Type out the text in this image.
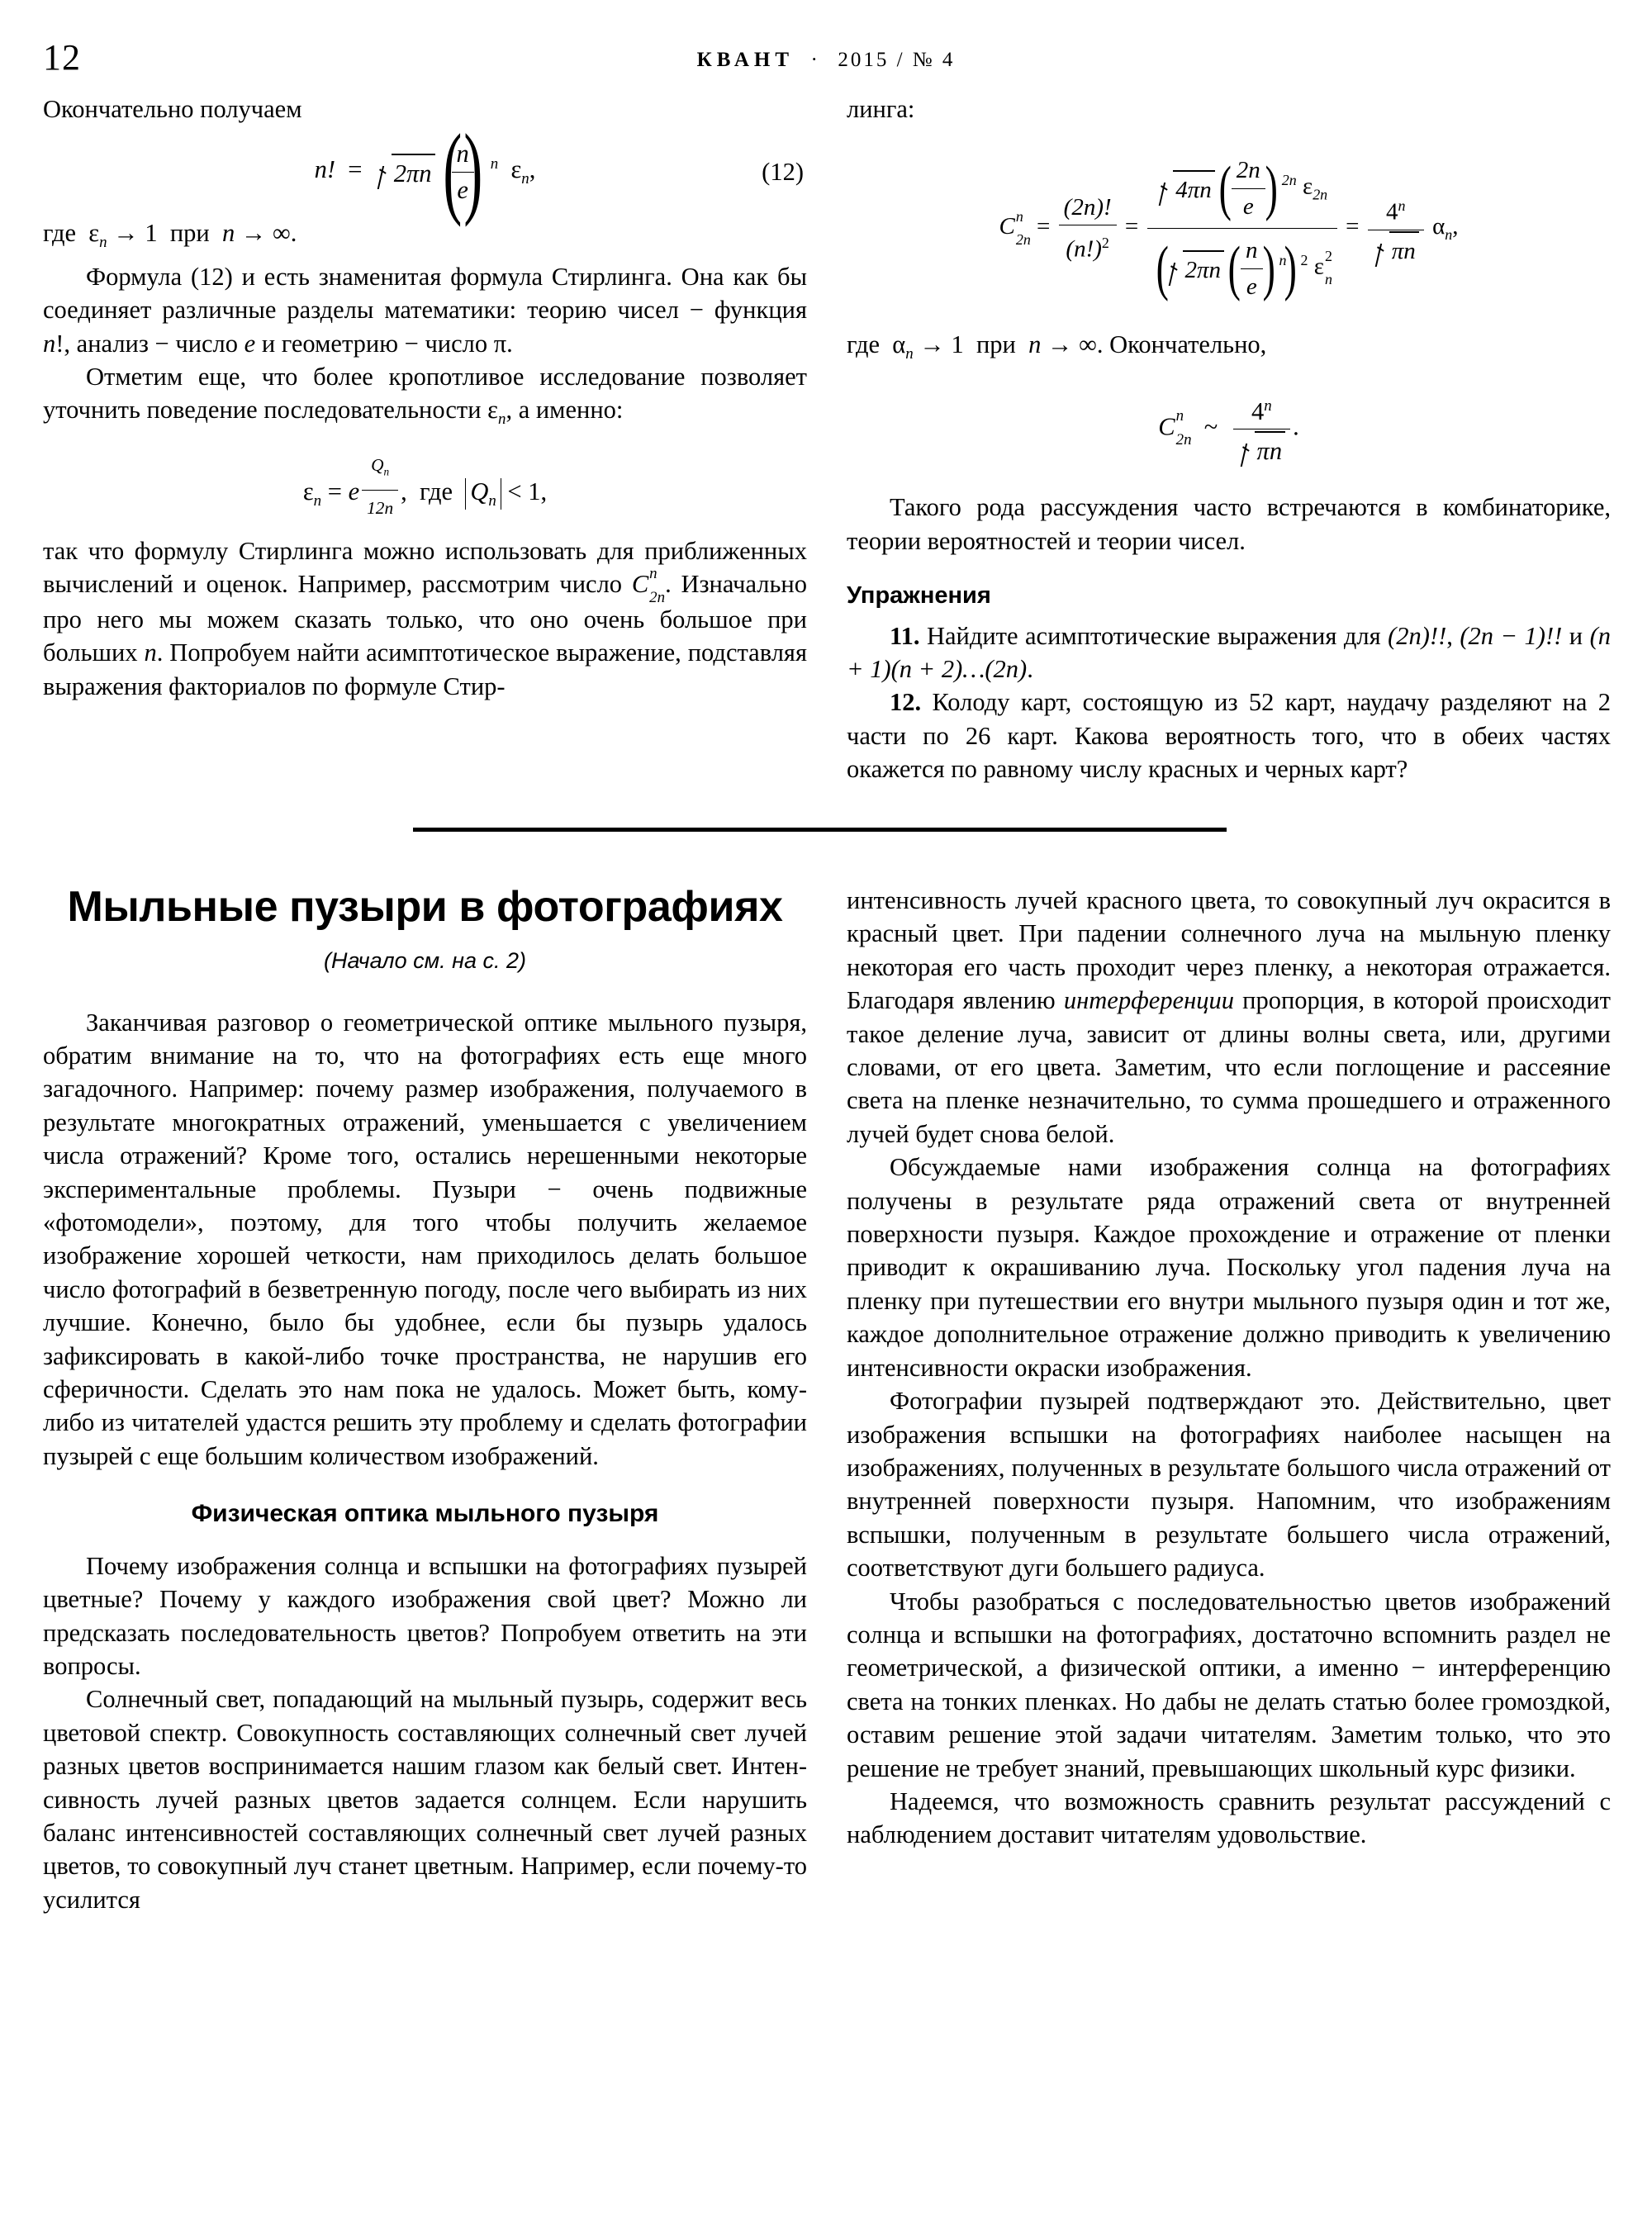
12	КВАНТ · 2015 / № 4

Окончательно получаем

n! = 2πn ( $\frac{n}{e}$
) $^n$ $\varepsilon_n$,	(12)

где $\varepsilon_n \to 1$ при n → ∞.

Формула (12) и есть знаменитая формула Стирлинга. Она как бы соединяет различные разделы математики: теорию чисел − функция n!, анализ − число e и геометрию − число π.

Отметим еще, что более кропотливое исследование позволяет уточнить поведение последовательности $\varepsilon_n$, а именно:

$\varepsilon_n = e$ $^{\frac{Q_n}{12n}}$ , где $Q_n < 1$,

так что формулу Стирлинга можно использовать для приближенных вычислений и оценок. Например, рассмотрим число C n
2n . Изначально про него мы можем сказать только, что оно очень большое при больших n. Попробуем найти асимптотическое выражение, подставляя выражения факториалов по формуле Стир-

линга:

C n
$2n = \frac{(2n)!}{(n!)^2} = 4\pi n$ ( $\frac{2n}{e}$
) $^{2n}$ $\varepsilon_{2n}$
( 2πn ( $\frac{n}{e}$
) $^n$ ) $^2$ ε 2
$n = \frac{4^n}{\pi n} \alpha_n$,

где $\alpha_n \to 1$ при n → ∞. Окончательно,

C n
2n ~ $\frac{4^n}{\pi n}$ .

Такого рода рассуждения часто встречаются в комбинаторике, теории вероятностей и теории чисел.

Упражнения

11. Найдите асимптотические выражения для (2n)!!, (2n − 1)!! и (n + 1)(n + 2)…(2n).

12. Колоду карт, состоящую из 52 карт, наудачу разделяют на 2 части по 26 карт. Какова вероятность того, что в обеих частях окажется по равному числу красных и черных карт?

Мыльные пузыри в фотографиях

(Начало см. на с. 2)

Заканчивая разговор о геометрической оптике мыльного пузыря, обратим внимание на то, что на фотографиях есть еще много загадочного. Например: почему размер изображения, получаемого в результате многократных отражений, уменьшается с увеличением числа отражений? Кроме того, остались нерешенными некоторые экспериментальные проблемы. Пузыри − очень подвижные «фотомодели», поэтому, для того чтобы получить желаемое изображение хорошей четкости, нам приходилось делать большое число фотографий в безветренную погоду, после чего выбирать из них лучшие. Конечно, было бы удобнее, если бы пузырь удалось зафиксировать в какой-либо точке пространства, не нарушив его сферичности. Сделать это нам пока не удалось. Может быть, кому-либо из читателей удастся решить эту проблему и сделать фотографии пузырей с еще большим количеством изображений.

Физическая оптика мыльного пузыря

Почему изображения солнца и вспышки на фотографиях пузырей цветные? Почему у каждого изображения свой цвет? Можно ли предсказать последовательность цветов? Попробуем ответить на эти вопросы.

Солнечный свет, попадающий на мыльный пузырь, содержит весь цветовой спектр. Совокупность составляющих солнечный свет лучей разных цветов воспринимается нашим глазом как белый свет. Интенсивность лучей разных цветов задается солнцем. Если нарушить баланс интенсивностей составляющих солнечный свет лучей разных цветов, то совокупный луч станет цветным. Например, если почему-то усилится

интенсивность лучей красного цвета, то совокупный луч окрасится в красный цвет. При падении солнечного луча на мыльную пленку некоторая его часть проходит через пленку, а некоторая отражается. Благодаря явлению интерференции пропорция, в которой происходит такое деление луча, зависит от длины волны света, или, другими словами, от его цвета. Заметим, что если поглощение и рассеяние света на пленке незначительно, то сумма прошедшего и отраженного лучей будет снова белой.

Обсуждаемые нами изображения солнца на фотографиях получены в результате ряда отражений света от внутренней поверхности пузыря. Каждое прохождение и отражение от пленки приводит к окрашиванию луча. Поскольку угол падения луча на пленку при путешествии его внутри мыльного пузыря один и тот же, каждое дополнительное отражение должно приводить к увеличению интенсивности окраски изображения.

Фотографии пузырей подтверждают это. Действительно, цвет изображения вспышки на фотографиях наиболее насыщен на изображениях, полученных в результате большого числа отражений от внутренней поверхности пузыря. Напомним, что изображениям вспышки, полученным в результате большего числа отражений, соответствуют дуги большего радиуса.

Чтобы разобраться с последовательностью цветов изображений солнца и вспышки на фотографиях, достаточно вспомнить раздел не геометрической, а физической оптики, а именно − интерференцию света на тонких пленках. Но дабы не делать статью более громоздкой, оставим решение этой задачи читателям. Заметим только, что это решение не требует знаний, превышающих школьный курс физики.

Надеемся, что возможность сравнить результат рассуждений с наблюдением доставит читателям удовольствие.
